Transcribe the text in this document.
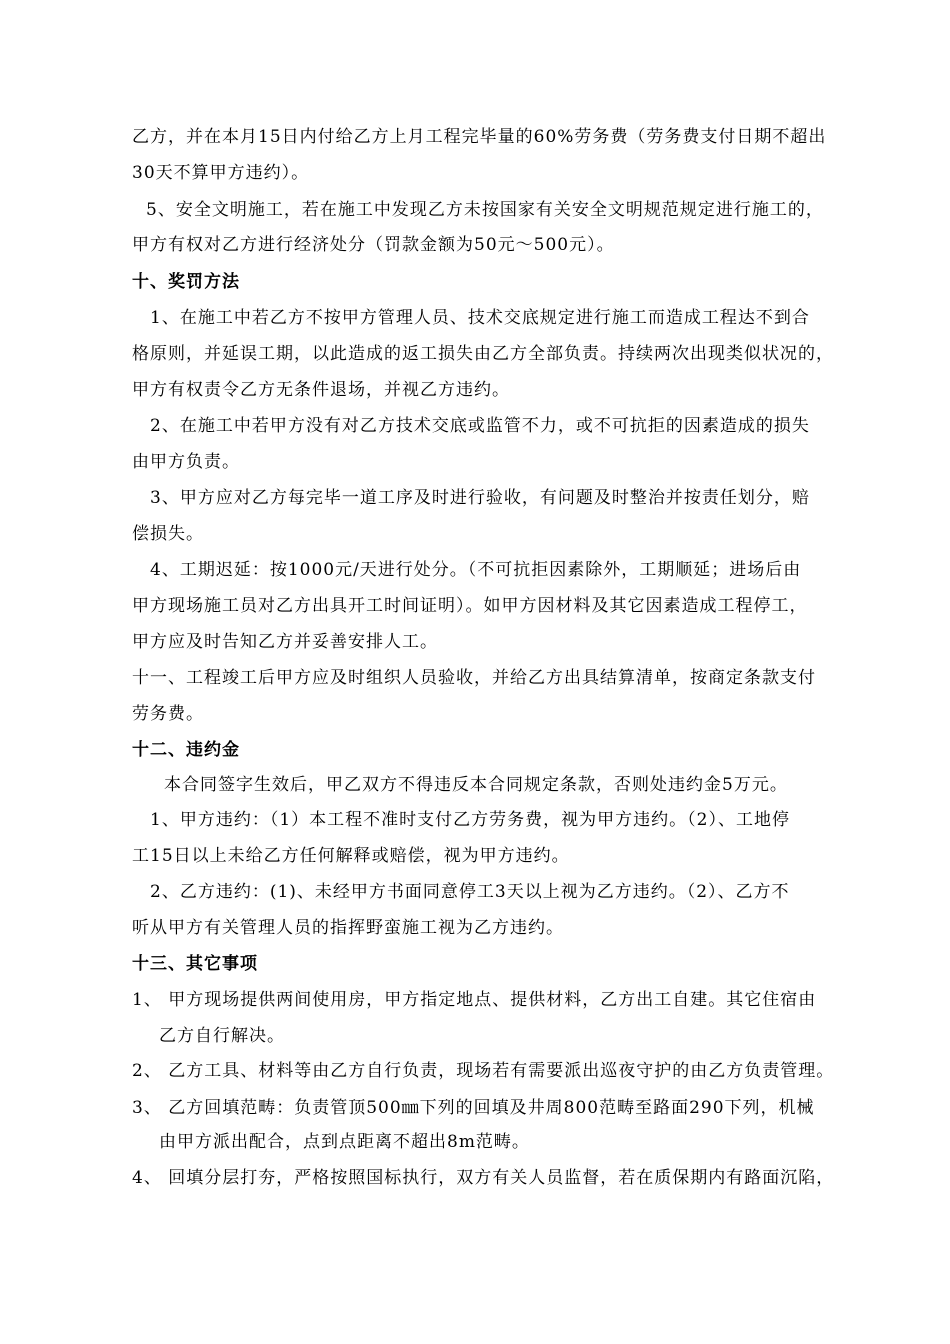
乙方，并在本月15日内付给乙方上月工程完毕量的60%劳务费（劳务费支付日期不超出
30天不算甲方违约）。
5、安全文明施工，若在施工中发现乙方未按国家有关安全文明规范规定进行施工的，
甲方有权对乙方进行经济处分（罚款金额为50元～500元）。
十、奖罚方法
1、在施工中若乙方不按甲方管理人员、技术交底规定进行施工而造成工程达不到合
格原则，并延误工期，以此造成的返工损失由乙方全部负责。持续两次出现类似状况的，
甲方有权责令乙方无条件退场，并视乙方违约。
2、在施工中若甲方没有对乙方技术交底或监管不力，或不可抗拒的因素造成的损失
由甲方负责。
3、甲方应对乙方每完毕一道工序及时进行验收，有问题及时整治并按责任划分，赔
偿损失。
4、工期迟延：按1000元/天进行处分。（不可抗拒因素除外，工期顺延；进场后由
甲方现场施工员对乙方出具开工时间证明）。如甲方因材料及其它因素造成工程停工，
甲方应及时告知乙方并妥善安排人工。
十一、工程竣工后甲方应及时组织人员验收，并给乙方出具结算清单，按商定条款支付
劳务费。
十二、违约金
本合同签字生效后，甲乙双方不得违反本合同规定条款，否则处违约金5万元。
1、甲方违约：（1）本工程不准时支付乙方劳务费，视为甲方违约。（2）、工地停
工15日以上未给乙方任何解释或赔偿，视为甲方违约。
2、乙方违约：(1)、未经甲方书面同意停工3天以上视为乙方违约。（2）、乙方不
听从甲方有关管理人员的指挥野蛮施工视为乙方违约。
十三、其它事项
1、 甲方现场提供两间使用房，甲方指定地点、提供材料，乙方出工自建。其它住宿由
乙方自行解决。
2、 乙方工具、材料等由乙方自行负责，现场若有需要派出巡夜守护的由乙方负责管理。
3、 乙方回填范畴：负责管顶500㎜下列的回填及井周800范畴至路面290下列，机械
由甲方派出配合，点到点距离不超出8m范畴。
4、 回填分层打夯，严格按照国标执行，双方有关人员监督，若在质保期内有路面沉陷，
